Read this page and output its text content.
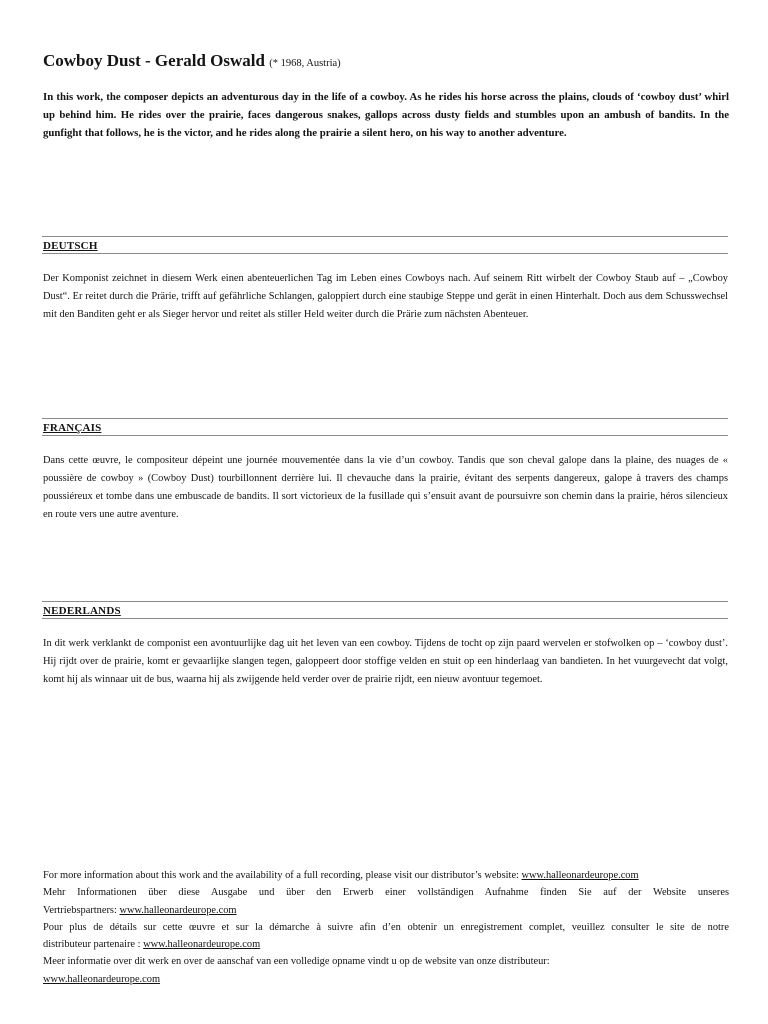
Cowboy Dust - Gerald Oswald (* 1968, Austria)
In this work, the composer depicts an adventurous day in the life of a cowboy. As he rides his horse across the plains, clouds of ‘cowboy dust’ whirl up behind him. He rides over the prairie, faces dangerous snakes, gallops across dusty fields and stumbles upon an ambush of bandits. In the gunfight that follows, he is the victor, and he rides along the prairie a silent hero, on his way to another adventure.
DEUTSCH
Der Komponist zeichnet in diesem Werk einen abenteuerlichen Tag im Leben eines Cowboys nach. Auf seinem Ritt wirbelt der Cowboy Staub auf – „Cowboy Dust“. Er reitet durch die Prärie, trifft auf gefährliche Schlangen, galoppiert durch eine staubige Steppe und gerät in einen Hinterhalt. Doch aus dem Schusswechsel mit den Banditen geht er als Sieger hervor und reitet als stiller Held weiter durch die Prärie zum nächsten Abenteuer.
FRANÇAIS
Dans cette œuvre, le compositeur dépeint une journée mouvementée dans la vie d’un cowboy. Tandis que son cheval galope dans la plaine, des nuages de « poussière de cowboy » (Cowboy Dust) tourbillonnent derrière lui. Il chevauche dans la prairie, évitant des serpents dangereux, galope à travers des champs poussiéreux et tombe dans une embuscade de bandits. Il sort victorieux de la fusillade qui s’ensuit avant de poursuivre son chemin dans la prairie, héros silencieux en route vers une autre aventure.
NEDERLANDS
In dit werk verklankt de componist een avontuurlijke dag uit het leven van een cowboy. Tijdens de tocht op zijn paard wervelen er stofwolken op – ‘cowboy dust’. Hij rijdt over de prairie, komt er gevaarlijke slangen tegen, galoppeert door stoffige velden en stuit op een hinderlaag van bandieten. In het vuurgevecht dat volgt, komt hij als winnaar uit de bus, waarna hij als zwijgende held verder over de prairie rijdt, een nieuw avontuur tegemoet.
For more information about this work and the availability of a full recording, please visit our distributor’s website: www.halleonardeurope.com
Mehr Informationen über diese Ausgabe und über den Erwerb einer vollständigen Aufnahme finden Sie auf der Website unseres
Vertriebspartners: www.halleonardeurope.com
Pour plus de détails sur cette œuvre et sur la démarche à suivre afin d’en obtenir un enregistrement complet, veuillez consulter le site de notre
distributeur partenaire : www.halleonardeurope.com
Meer informatie over dit werk en over de aanschaf van een volledige opname vindt u op de website van onze distributeur:
www.halleonardeurope.com
